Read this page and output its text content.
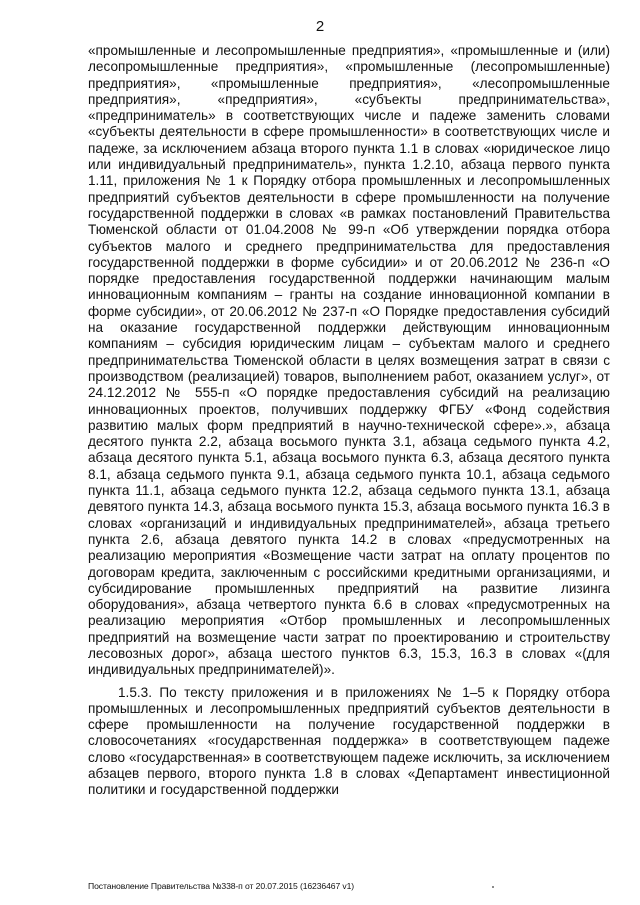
2

«промышленные и лесопромышленные предприятия», «промышленные и (или) лесопромышленные предприятия», «промышленные (лесопромышленные) предприятия», «промышленные предприятия», «лесопромышленные предприятия», «предприятия», «субъекты предпринимательства», «предприниматель» в соответствующих числе и падеже заменить словами «субъекты деятельности в сфере промышленности» в соответствующих числе и падеже, за исключением абзаца второго пункта 1.1 в словах «юридическое лицо или индивидуальный предприниматель», пункта 1.2.10, абзаца первого пункта 1.11, приложения № 1 к Порядку отбора промышленных и лесопромышленных предприятий субъектов деятельности в сфере промышленности на получение государственной поддержки в словах «в рамках постановлений Правительства Тюменской области от 01.04.2008 № 99-п «Об утверждении порядка отбора субъектов малого и среднего предпринимательства для предоставления государственной поддержки в форме субсидии» и от 20.06.2012 № 236-п «О порядке предоставления государственной поддержки начинающим малым инновационным компаниям – гранты на создание инновационной компании в форме субсидии», от 20.06.2012 № 237-п «О Порядке предоставления субсидий на оказание государственной поддержки действующим инновационным компаниям – субсидия юридическим лицам – субъектам малого и среднего предпринимательства Тюменской области в целях возмещения затрат в связи с производством (реализацией) товаров, выполнением работ, оказанием услуг», от 24.12.2012 № 555-п «О порядке предоставления субсидий на реализацию инновационных проектов, получивших поддержку ФГБУ «Фонд содействия развитию малых форм предприятий в научно-технической сфере».», абзаца десятого пункта 2.2, абзаца восьмого пункта 3.1, абзаца седьмого пункта 4.2, абзаца десятого пункта 5.1, абзаца восьмого пункта 6.3, абзаца десятого пункта 8.1, абзаца седьмого пункта 9.1, абзаца седьмого пункта 10.1, абзаца седьмого пункта 11.1, абзаца седьмого пункта 12.2, абзаца седьмого пункта 13.1, абзаца девятого пункта 14.3, абзаца восьмого пункта 15.3, абзаца восьмого пункта 16.3 в словах «организаций и индивидуальных предпринимателей», абзаца третьего пункта 2.6, абзаца девятого пункта 14.2 в словах «предусмотренных на реализацию мероприятия «Возмещение части затрат на оплату процентов по договорам кредита, заключенным с российскими кредитными организациями, и субсидирование промышленных предприятий на развитие лизинга оборудования», абзаца четвертого пункта 6.6 в словах «предусмотренных на реализацию мероприятия «Отбор промышленных и лесопромышленных предприятий на возмещение части затрат по проектированию и строительству лесовозных дорог», абзаца шестого пунктов 6.3, 15.3, 16.3 в словах «(для индивидуальных предпринимателей)».

1.5.3. По тексту приложения и в приложениях № 1–5 к Порядку отбора промышленных и лесопромышленных предприятий субъектов деятельности в сфере промышленности на получение государственной поддержки в словосочетаниях «государственная поддержка» в соответствующем падеже слово «государственная» в соответствующем падеже исключить, за исключением абзацев первого, второго пункта 1.8 в словах «Департамент инвестиционной политики и государственной поддержки

Постановление Правительства №338-п от 20.07.2015 (16236467 v1)
